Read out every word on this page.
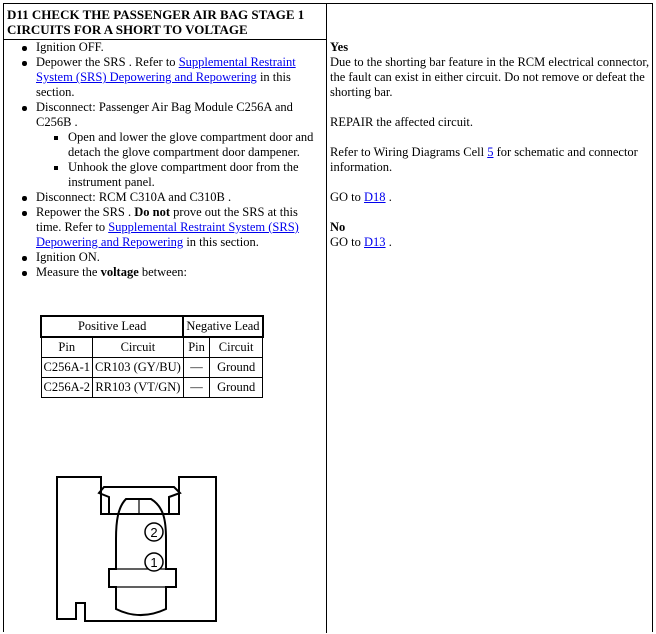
D11 CHECK THE PASSENGER AIR BAG STAGE 1 CIRCUITS FOR A SHORT TO VOLTAGE
Ignition OFF.
Depower the SRS . Refer to Supplemental Restraint System (SRS) Depowering and Repowering in this section.
Disconnect: Passenger Air Bag Module C256A and C256B .
Open and lower the glove compartment door and detach the glove compartment door dampener.
Unhook the glove compartment door from the instrument panel.
Disconnect: RCM C310A and C310B .
Repower the SRS . Do not prove out the SRS at this time. Refer to Supplemental Restraint System (SRS) Depowering and Repowering in this section.
Ignition ON.
Measure the voltage between:
Positive Lead		Negative Lead	
Pin	Circuit	Pin	Circuit
C256A-1	CR103 (GY/BU)	—	Ground
C256A-2	RR103 (VT/GN)	—	Ground
2
1

Yes

Due to the shorting bar feature in the RCM electrical connector, the fault can exist in either circuit. Do not remove or defeat the shorting bar.

REPAIR the affected circuit.

Refer to Wiring Diagrams Cell 5 for schematic and connector information.

GO to D18 .

No

GO to D13 .
